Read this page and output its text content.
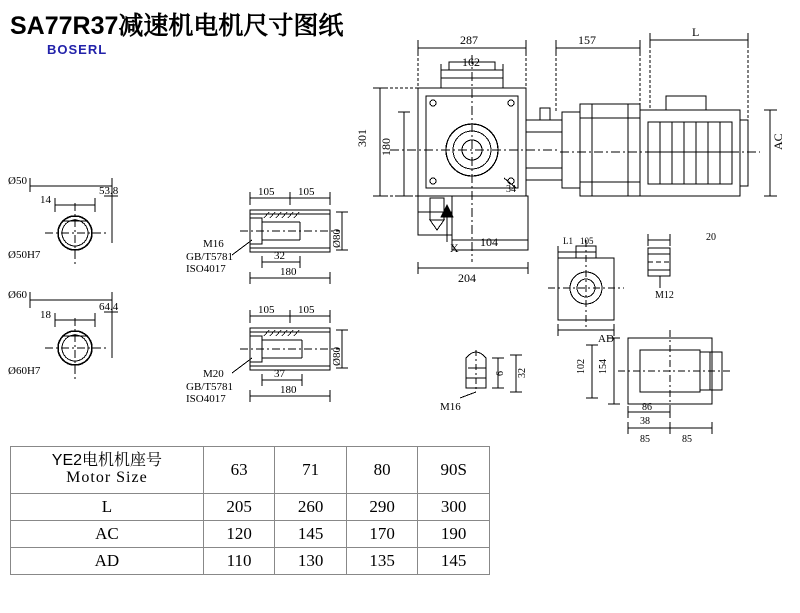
SA77R37减速机电机尺寸图纸
BOSERL
Ø50
Ø50H7
14
53.8
Ø60
Ø60H7
18
64.4
105 105
M16
GB/T5781
ISO4017
32
180
Ø80
105 105
M20
GB/T5781
ISO4017
37
180
Ø80
287
162
157
L
301 180
34
AC
104
204
X	L1 105	20
M12
AD
M16
6 32	154
102
86
38
85	85
YE2电机机座号
Motor Size	63	71	80	90S
L	205	260	290	300
AC	120	145	170	190
AD	110	130	135	145
